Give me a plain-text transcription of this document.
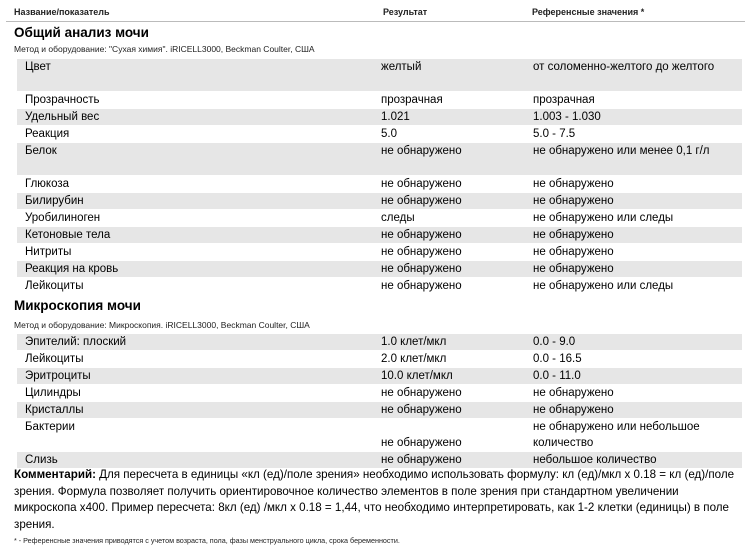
Название/показатель	Результат	Референсные значения *
Общий анализ мочи
Метод и оборудование: "Сухая химия". iRICELL3000, Beckman Coulter, США
Цвет	желтый	от соломенно-желтого до желтого
Прозрачность	прозрачная	прозрачная
Удельный вес	1.021	1.003 - 1.030
Реакция	5.0	5.0 - 7.5
Белок	не обнаружено	не обнаружено или менее 0,1 г/л
Глюкоза	не обнаружено	не обнаружено
Билирубин	не обнаружено	не обнаружено
Уробилиноген	следы	не обнаружено или следы
Кетоновые тела	не обнаружено	не обнаружено
Нитриты	не обнаружено	не обнаружено
Реакция на кровь	не обнаружено	не обнаружено
Лейкоциты	не обнаружено	не обнаружено или следы
Микроскопия мочи
Метод и оборудование: Микроскопия. iRICELL3000, Beckman Coulter, США
Эпителий: плоский	1.0 клет/мкл	0.0 - 9.0
Лейкоциты	2.0 клет/мкл	0.0 - 16.5
Эритроциты	10.0 клет/мкл	0.0 - 11.0
Цилиндры	не обнаружено	не обнаружено
Кристаллы	не обнаружено	не обнаружено
Бактерии	не обнаружено	не обнаружено или небольшое количество
Слизь	не обнаружено	небольшое количество
Комментарий: Для пересчета в единицы «кл (ед)/поле зрения» необходимо использовать формулу: кл (ед)/мкл x 0.18 = кл (ед)/поле зрения. Формула позволяет получить ориентировочное количество элементов в поле зрения при стандартном увеличении микроскопа х400. Пример пересчета: 8кл (ед) /мкл x 0.18 = 1,44, что необходимо интерпретировать, как 1-2 клетки (единицы) в поле зрения.
* - Референсные значения приводятся с учетом возраста, пола, фазы менструального цикла, срока беременности.
